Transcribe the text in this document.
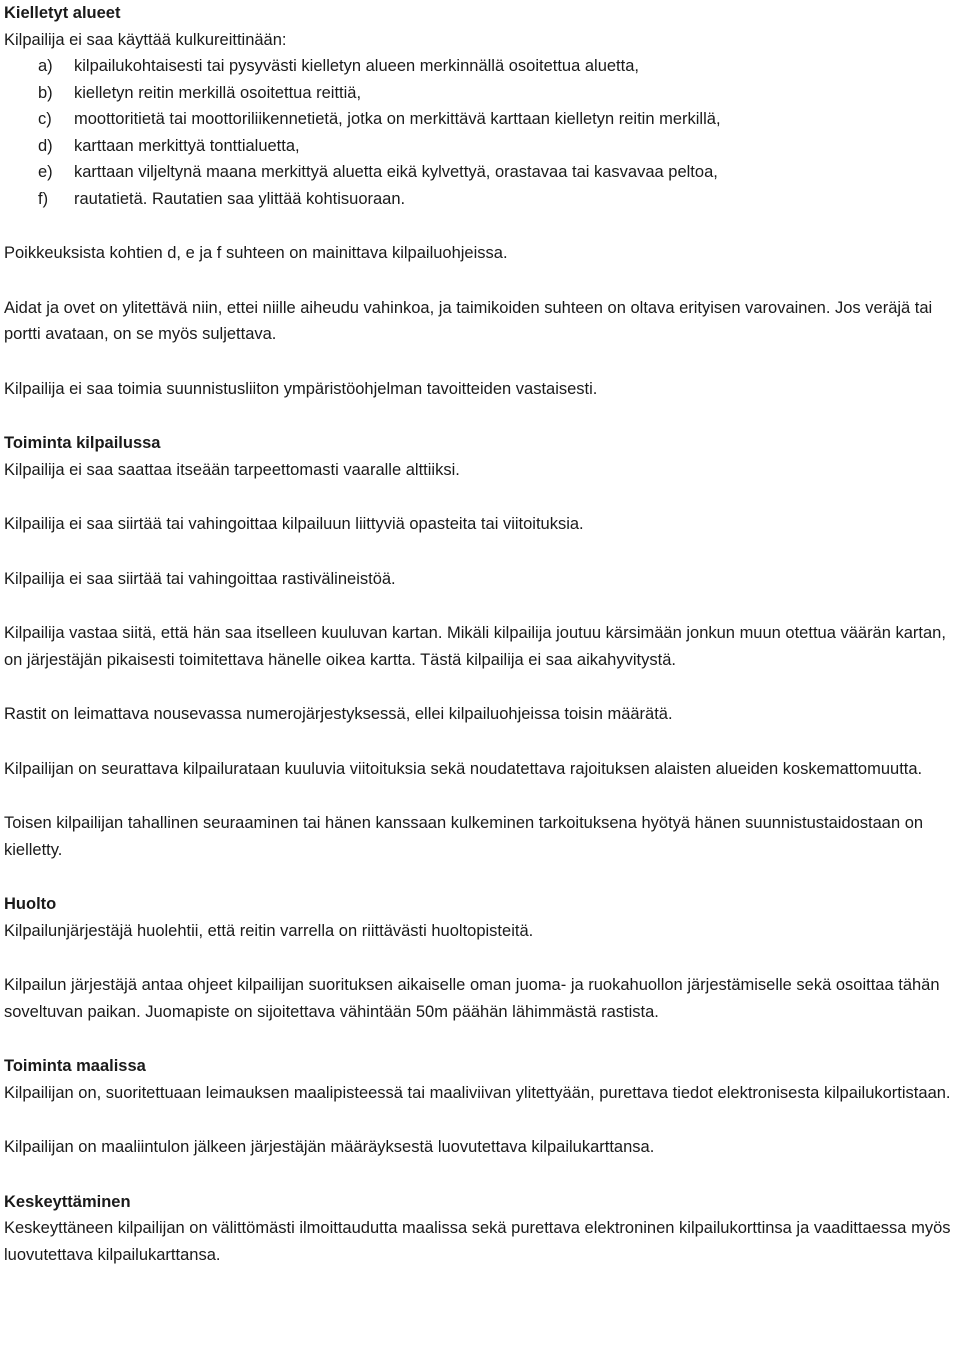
Kielletyt alueet

Kilpailija ei saa käyttää kulkureittinään:

a)	kilpailukohtaisesti tai pysyvästi kielletyn alueen merkinnällä osoitettua aluetta,
b)	kielletyn reitin merkillä osoitettua reittiä,
c)	moottoritietä tai moottoriliikennetietä, jotka on merkittävä karttaan kielletyn reitin merkillä,
d)	karttaan merkittyä tonttialuetta,
e)	karttaan viljeltynä maana merkittyä aluetta eikä kylvettyä, orastavaa tai kasvavaa peltoa,
f)	rautatietä. Rautatien saa ylittää kohtisuoraan.

Poikkeuksista kohtien d, e ja f suhteen on mainittava kilpailuohjeissa.

Aidat ja ovet on ylitettävä niin, ettei niille aiheudu vahinkoa, ja taimikoiden suhteen on oltava erityisen varovainen. Jos veräjä tai portti avataan, on se myös suljettava.

Kilpailija ei saa toimia suunnistusliiton ympäristöohjelman tavoitteiden vastaisesti.

Toiminta kilpailussa

Kilpailija ei saa saattaa itseään tarpeettomasti vaaralle alttiiksi.

Kilpailija ei saa siirtää tai vahingoittaa kilpailuun liittyviä opasteita tai viitoituksia.

Kilpailija ei saa siirtää tai vahingoittaa rastivälineistöä.

Kilpailija vastaa siitä, että hän saa itselleen kuuluvan kartan. Mikäli kilpailija joutuu kärsimään jonkun muun otettua väärän kartan, on järjestäjän pikaisesti toimitettava hänelle oikea kartta. Tästä kilpailija ei saa aikahyvitystä.

Rastit on leimattava nousevassa numerojärjestyksessä, ellei kilpailuohjeissa toisin määrätä.

Kilpailijan on seurattava kilpailurataan kuuluvia viitoituksia sekä noudatettava rajoituksen alaisten alueiden koskemattomuutta.

Toisen kilpailijan tahallinen seuraaminen tai hänen kanssaan kulkeminen tarkoituksena hyötyä hänen suunnistustaidostaan on kielletty.

Huolto

Kilpailunjärjestäjä huolehtii, että reitin varrella on riittävästi huoltopisteitä.

Kilpailun järjestäjä antaa ohjeet kilpailijan suorituksen aikaiselle oman juoma- ja ruokahuollon järjestämiselle sekä osoittaa tähän soveltuvan paikan. Juomapiste on sijoitettava vähintään 50m päähän lähimmästä rastista.

Toiminta maalissa

Kilpailijan on, suoritettuaan leimauksen maalipisteessä tai maaliviivan ylitettyään, purettava tiedot elektronisesta kilpailukortistaan.

Kilpailijan on maaliintulon jälkeen järjestäjän määräyksestä luovutettava kilpailukarttansa.

Keskeyttäminen

Keskeyttäneen kilpailijan on välittömästi ilmoittaudutta maalissa sekä purettava elektroninen kilpailukorttinsa ja vaadittaessa myös luovutettava kilpailukarttansa.
